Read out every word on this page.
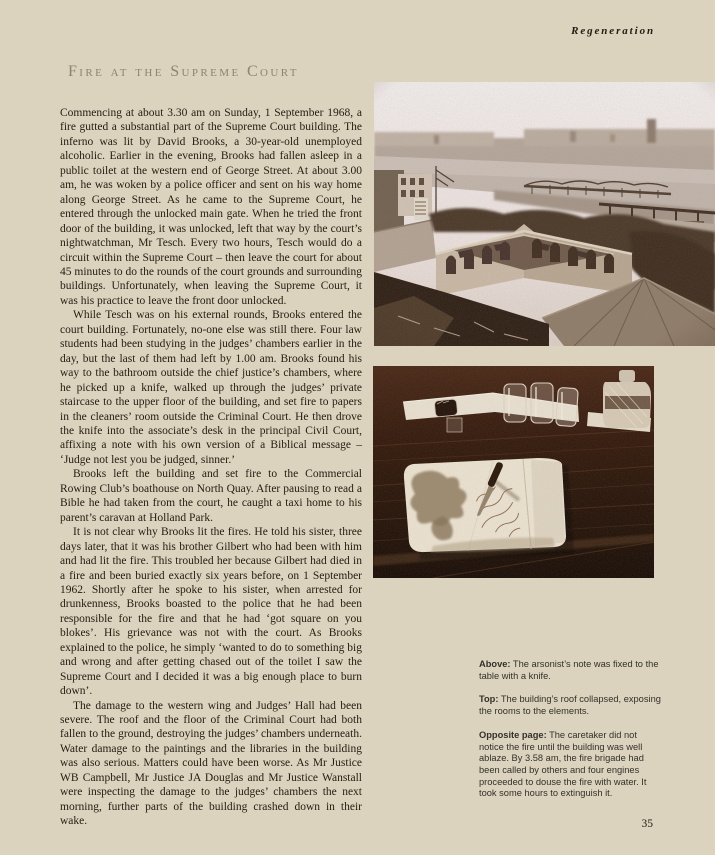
Regeneration
Fire at the Supreme Court

Commencing at about 3.30 am on Sunday, 1 September 1968, a fire gutted a substantial part of the Supreme Court building. The inferno was lit by David Brooks, a 30-year-old unemployed alcoholic. Earlier in the evening, Brooks had fallen asleep in a public toilet at the western end of George Street. At about 3.00 am, he was woken by a police officer and sent on his way home along George Street. As he came to the Supreme Court, he entered through the unlocked main gate. When he tried the front door of the building, it was unlocked, left that way by the court’s nightwatchman, Mr Tesch. Every two hours, Tesch would do a circuit within the Supreme Court – then leave the court for about 45 minutes to do the rounds of the court grounds and surrounding buildings. Unfortunately, when leaving the Supreme Court, it was his practice to leave the front door unlocked.

While Tesch was on his external rounds, Brooks entered the court building. Fortunately, no-one else was still there. Four law students had been studying in the judges’ chambers earlier in the day, but the last of them had left by 1.00 am. Brooks found his way to the bathroom outside the chief justice’s chambers, where he picked up a knife, walked up through the judges’ private staircase to the upper floor of the building, and set fire to papers in the cleaners’ room outside the Criminal Court. He then drove the knife into the associate’s desk in the principal Civil Court, affixing a note with his own version of a Biblical message – ‘Judge not lest you be judged, sinner.’

Brooks left the building and set fire to the Commercial Rowing Club’s boathouse on North Quay. After pausing to read a Bible he had taken from the court, he caught a taxi home to his parent’s caravan at Holland Park.

It is not clear why Brooks lit the fires. He told his sister, three days later, that it was his brother Gilbert who had been with him and had lit the fire. This troubled her because Gilbert had died in a fire and been buried exactly six years before, on 1 September 1962. Shortly after he spoke to his sister, when arrested for drunkenness, Brooks boasted to the police that he had been responsible for the fire and that he had ‘got square on you blokes’. His grievance was not with the court. As Brooks explained to the police, he simply ‘wanted to do to something big and wrong and after getting chased out of the toilet I saw the Supreme Court and I decided it was a big enough place to burn down’.

The damage to the western wing and Judges’ Hall had been severe. The roof and the floor of the Criminal Court had both fallen to the ground, destroying the judges’ chambers underneath. Water damage to the paintings and the libraries in the building was also serious. Matters could have been worse. As Mr Justice WB Campbell, Mr Justice JA Douglas and Mr Justice Wanstall were inspecting the damage to the judges’ chambers the next morning, further parts of the building crashed down in their wake.

Above: The arsonist’s note was fixed to the table with a knife.

Top: The building’s roof collapsed, exposing the rooms to the elements.

Opposite page: The caretaker did not notice the fire until the building was well ablaze. By 3.58 am, the fire brigade had been called by others and four engines proceeded to douse the fire with water. It took some hours to extinguish it.

35
